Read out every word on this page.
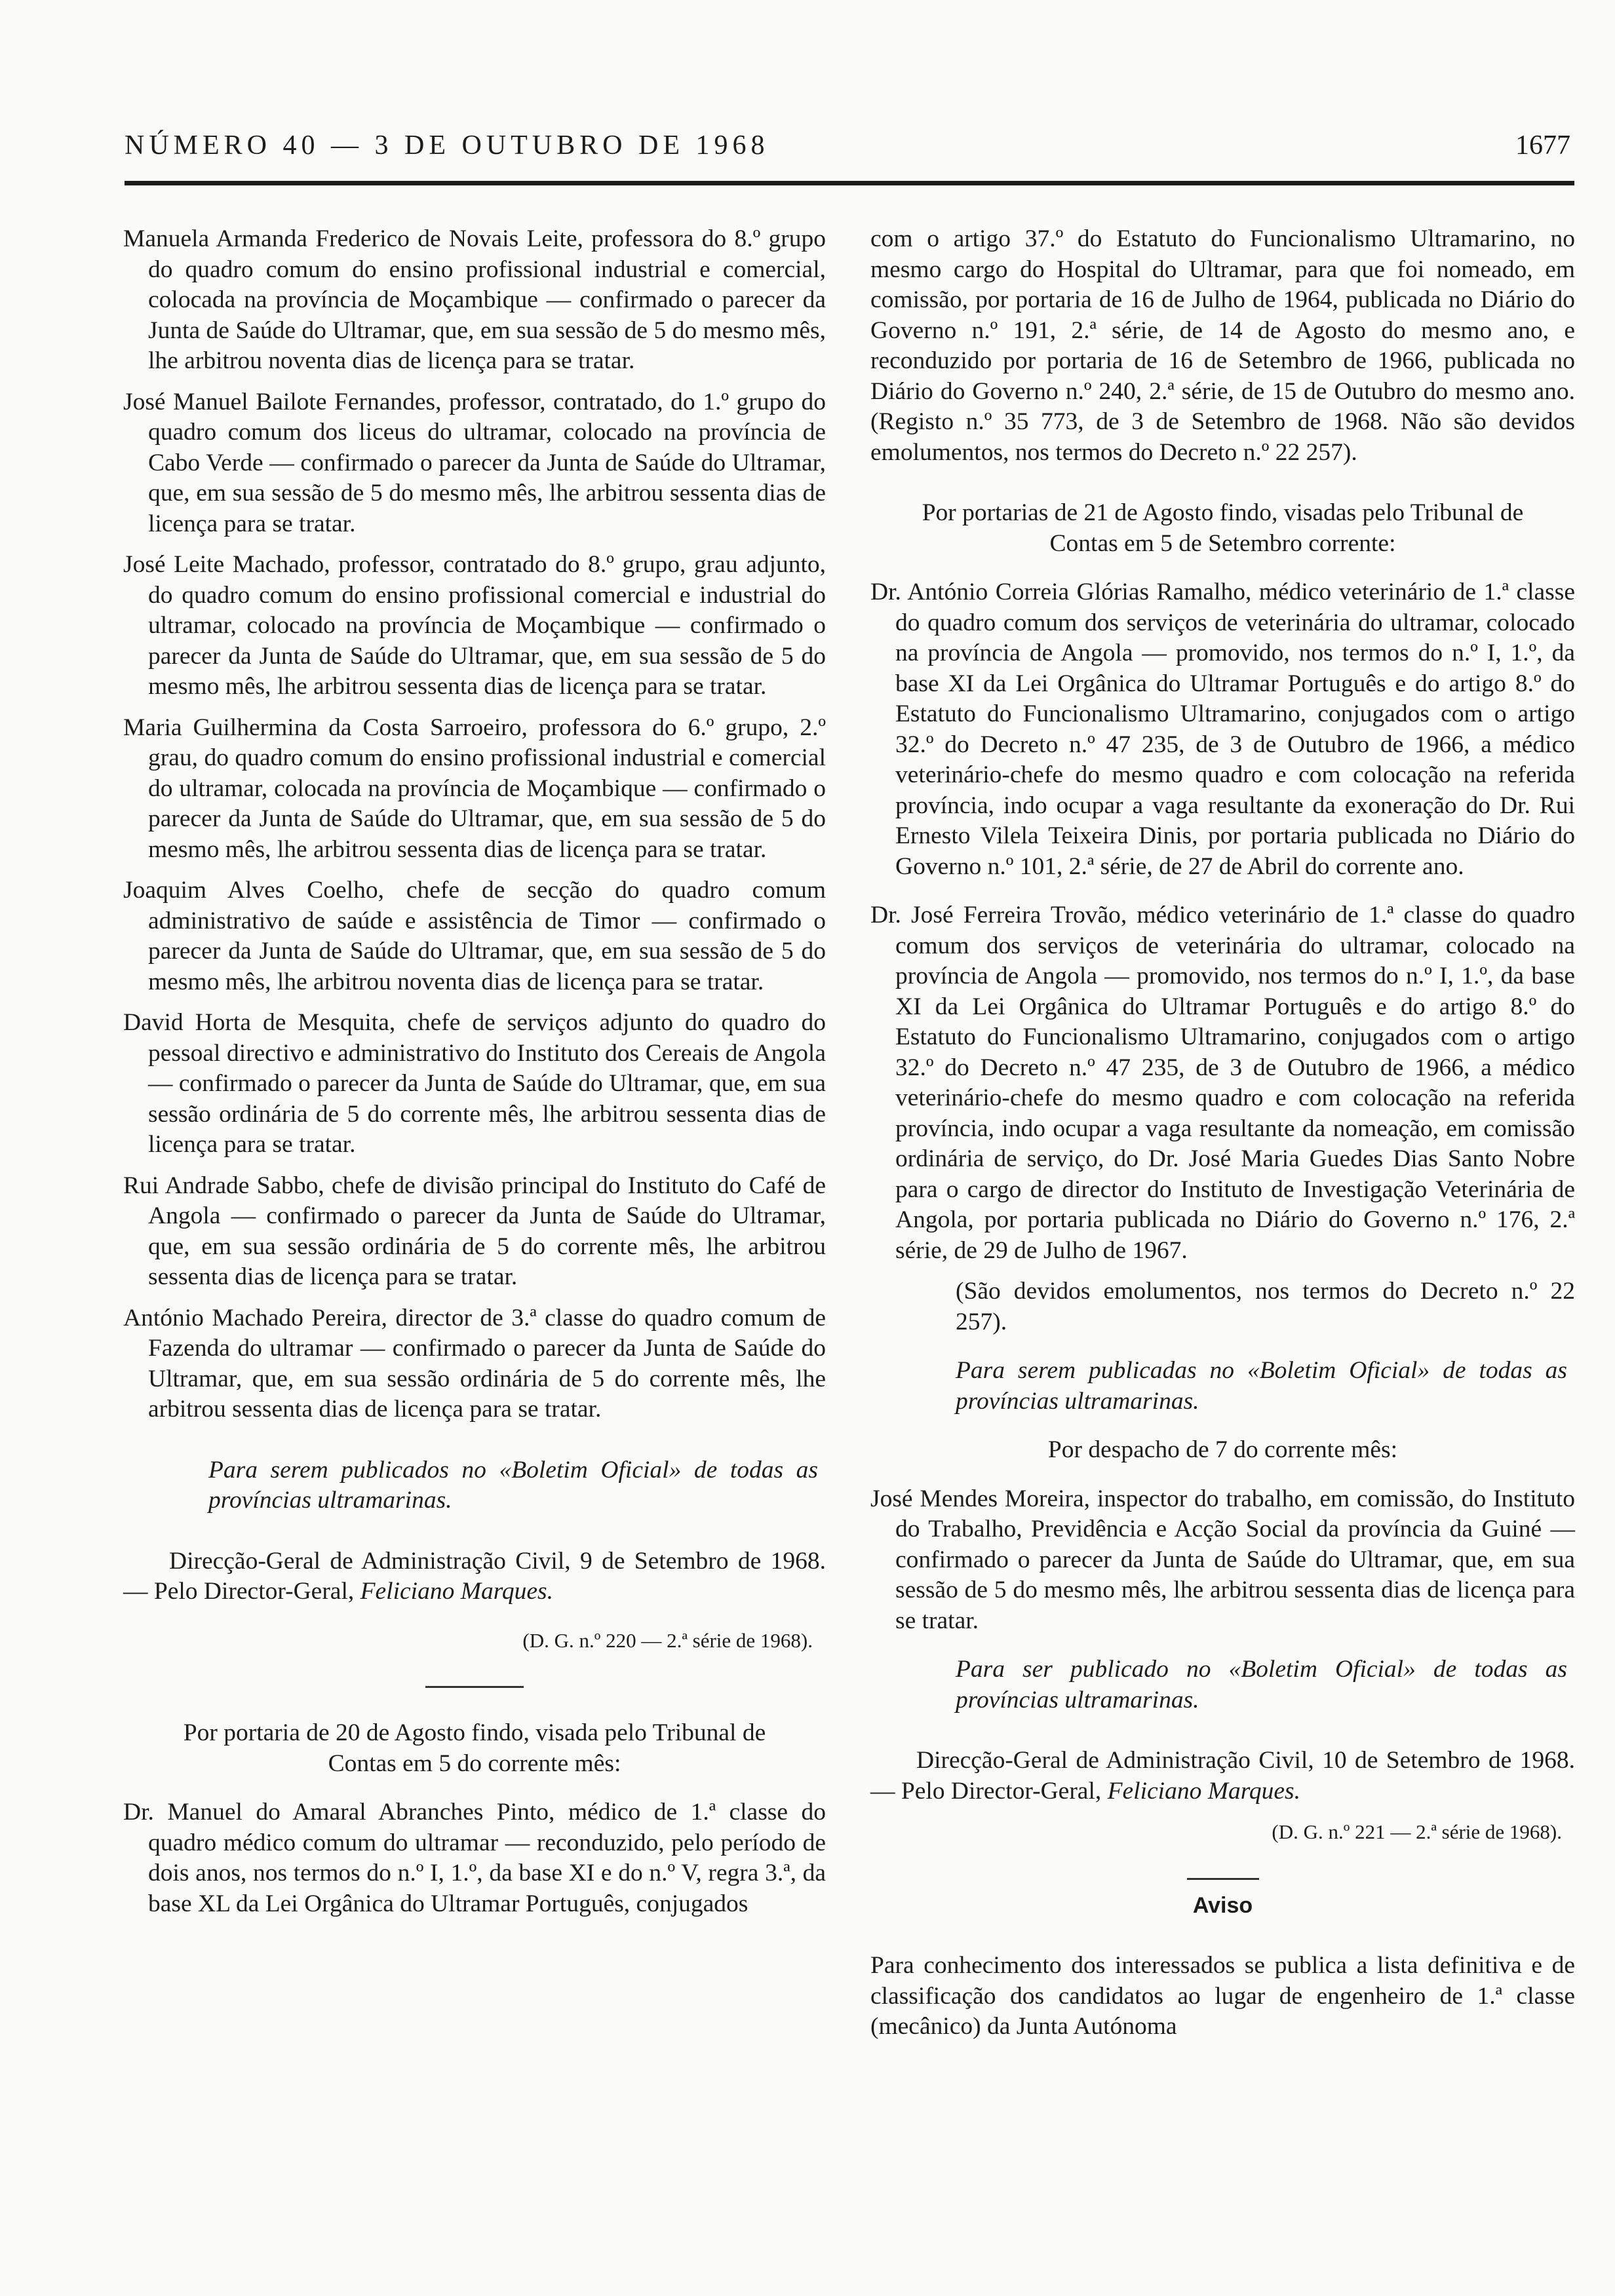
NÚMERO 40 — 3 DE OUTUBRO DE 1968	1677

Manuela Armanda Frederico de Novais Leite, professora do 8.º grupo do quadro comum do ensino profissional industrial e comercial, colocada na província de Moçambique — confirmado o parecer da Junta de Saúde do Ultramar, que, em sua sessão de 5 do mesmo mês, lhe arbitrou noventa dias de licença para se tratar.

José Manuel Bailote Fernandes, professor, contratado, do 1.º grupo do quadro comum dos liceus do ultramar, colocado na província de Cabo Verde — confirmado o parecer da Junta de Saúde do Ultramar, que, em sua sessão de 5 do mesmo mês, lhe arbitrou sessenta dias de licença para se tratar.

José Leite Machado, professor, contratado do 8.º grupo, grau adjunto, do quadro comum do ensino profissional comercial e industrial do ultramar, colocado na província de Moçambique — confirmado o parecer da Junta de Saúde do Ultramar, que, em sua sessão de 5 do mesmo mês, lhe arbitrou sessenta dias de licença para se tratar.

Maria Guilhermina da Costa Sarroeiro, professora do 6.º grupo, 2.º grau, do quadro comum do ensino profissional industrial e comercial do ultramar, colocada na província de Moçambique — confirmado o parecer da Junta de Saúde do Ultramar, que, em sua sessão de 5 do mesmo mês, lhe arbitrou sessenta dias de licença para se tratar.

Joaquim Alves Coelho, chefe de secção do quadro comum administrativo de saúde e assistência de Timor — confirmado o parecer da Junta de Saúde do Ultramar, que, em sua sessão de 5 do mesmo mês, lhe arbitrou noventa dias de licença para se tratar.

David Horta de Mesquita, chefe de serviços adjunto do quadro do pessoal directivo e administrativo do Instituto dos Cereais de Angola — confirmado o parecer da Junta de Saúde do Ultramar, que, em sua sessão ordinária de 5 do corrente mês, lhe arbitrou sessenta dias de licença para se tratar.

Rui Andrade Sabbo, chefe de divisão principal do Instituto do Café de Angola — confirmado o parecer da Junta de Saúde do Ultramar, que, em sua sessão ordinária de 5 do corrente mês, lhe arbitrou sessenta dias de licença para se tratar.

António Machado Pereira, director de 3.ª classe do quadro comum de Fazenda do ultramar — confirmado o parecer da Junta de Saúde do Ultramar, que, em sua sessão ordinária de 5 do corrente mês, lhe arbitrou sessenta dias de licença para se tratar.

Para serem publicados no «Boletim Oficial» de todas as províncias ultramarinas.

Direcção-Geral de Administração Civil, 9 de Setembro de 1968. — Pelo Director-Geral, Feliciano Marques.

(D. G. n.º 220 — 2.ª série de 1968).

Por portaria de 20 de Agosto findo, visada pelo Tribunal de Contas em 5 do corrente mês:

Dr. Manuel do Amaral Abranches Pinto, médico de 1.ª classe do quadro médico comum do ultramar — reconduzido, pelo período de dois anos, nos termos do n.º I, 1.º, da base XI e do n.º V, regra 3.ª, da base XL da Lei Orgânica do Ultramar Português, conjugados

com o artigo 37.º do Estatuto do Funcionalismo Ultramarino, no mesmo cargo do Hospital do Ultramar, para que foi nomeado, em comissão, por portaria de 16 de Julho de 1964, publicada no Diário do Governo n.º 191, 2.ª série, de 14 de Agosto do mesmo ano, e reconduzido por portaria de 16 de Setembro de 1966, publicada no Diário do Governo n.º 240, 2.ª série, de 15 de Outubro do mesmo ano. (Registo n.º 35 773, de 3 de Setembro de 1968. Não são devidos emolumentos, nos termos do Decreto n.º 22 257).

Por portarias de 21 de Agosto findo, visadas pelo Tribunal de Contas em 5 de Setembro corrente:

Dr. António Correia Glórias Ramalho, médico veterinário de 1.ª classe do quadro comum dos serviços de veterinária do ultramar, colocado na província de Angola — promovido, nos termos do n.º I, 1.º, da base XI da Lei Orgânica do Ultramar Português e do artigo 8.º do Estatuto do Funcionalismo Ultramarino, conjugados com o artigo 32.º do Decreto n.º 47 235, de 3 de Outubro de 1966, a médico veterinário-chefe do mesmo quadro e com colocação na referida província, indo ocupar a vaga resultante da exoneração do Dr. Rui Ernesto Vilela Teixeira Dinis, por portaria publicada no Diário do Governo n.º 101, 2.ª série, de 27 de Abril do corrente ano.

Dr. José Ferreira Trovão, médico veterinário de 1.ª classe do quadro comum dos serviços de veterinária do ultramar, colocado na província de Angola — promovido, nos termos do n.º I, 1.º, da base XI da Lei Orgânica do Ultramar Português e do artigo 8.º do Estatuto do Funcionalismo Ultramarino, conjugados com o artigo 32.º do Decreto n.º 47 235, de 3 de Outubro de 1966, a médico veterinário-chefe do mesmo quadro e com colocação na referida província, indo ocupar a vaga resultante da nomeação, em comissão ordinária de serviço, do Dr. José Maria Guedes Dias Santo Nobre para o cargo de director do Instituto de Investigação Veterinária de Angola, por portaria publicada no Diário do Governo n.º 176, 2.ª série, de 29 de Julho de 1967.

(São devidos emolumentos, nos termos do Decreto n.º 22 257).

Para serem publicadas no «Boletim Oficial» de todas as províncias ultramarinas.

Por despacho de 7 do corrente mês:

José Mendes Moreira, inspector do trabalho, em comissão, do Instituto do Trabalho, Previdência e Acção Social da província da Guiné — confirmado o parecer da Junta de Saúde do Ultramar, que, em sua sessão de 5 do mesmo mês, lhe arbitrou sessenta dias de licença para se tratar.

Para ser publicado no «Boletim Oficial» de todas as províncias ultramarinas.

Direcção-Geral de Administração Civil, 10 de Setembro de 1968. — Pelo Director-Geral, Feliciano Marques.

(D. G. n.º 221 — 2.ª série de 1968).

Aviso

Para conhecimento dos interessados se publica a lista definitiva e de classificação dos candidatos ao lugar de engenheiro de 1.ª classe (mecânico) da Junta Autónoma
